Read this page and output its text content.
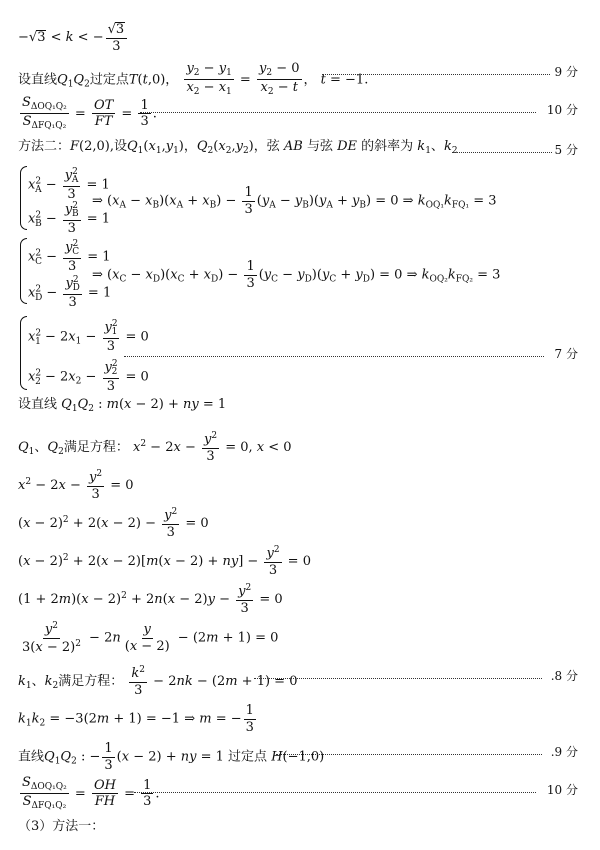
−√3 < k < − $\frac{√3}{3}$
设直线$Q_1Q_2$过定点T(t,0)， $\frac{y_2 - y_1}{x_2 - x_1} = \frac{y_2 - 0}{x_2 - t}$ ， t = −1.
9 分
$\frac{S_{\Delta OQ_1Q_2}}{S_{\Delta FQ_1Q_2}} = \frac{OT}{FT} = \frac{1}{3}$ .	10 分
方法二：F(2,0),设$Q_1(x_1,y_1)$，$Q_2(x_2,y_2)$，弦 AB 与弦 DE 的斜率为 $k_1$、$k_2$	5 分
$x^2_A - \frac{y^2_A}{3} = 1$
$x^2_B - \frac{y^2_B}{3} = 1$
⇒ $(x_A - x_B)(x_A + x_B) - \frac{1}{3} (y_A - y_B)(y_A + y_B) = 0$ ⇒ $k_{OQ_1}k_{FQ_1} = 3$
$x^2_C - \frac{y^2_C}{3} = 1$
$x^2_D - \frac{y^2_D}{3} = 1$
⇒ $(x_C - x_D)(x_C + x_D) - \frac{1}{3} (y_C - y_D)(y_C + y_D) = 0$ ⇒ $k_{OQ_2}k_{FQ_2} = 3$
$x^2_1 - 2x_1 - \frac{y^2_1}{3} = 0$
$x^2_2 - 2x_2 - \frac{y^2_2}{3} = 0$
7 分
设直线 $Q_1Q_2$ : m(x − 2) + ny = 1
$Q_1$、$Q_2$满足方程： $x^2 - 2x - \frac{y^2}{3} = 0$, x < 0
$x^2 - 2x - \frac{y^2}{3} = 0$
$(x - 2)^2 + 2(x - 2) - \frac{y^2}{3} = 0$
$(x - 2)^2 + 2(x - 2)[m(x - 2) + ny] - \frac{y^2}{3} = 0$
$(1 + 2m)(x - 2)^2 + 2n(x - 2)y - \frac{y^2}{3} = 0$
$\frac{y^2}{3(x - 2)^2} - 2n \frac{y}{(x - 2)} - (2m + 1) = 0$
$k_1$、$k_2$满足方程： $\frac{k^2}{3} - 2nk - (2m + 1) = 0$	.8 分
$k_1k_2 = -3(2m + 1) = -1$ ⇒ m = − $\frac{1}{3}$
直线$Q_1Q_2$ : − $\frac{1}{3} (x - 2)$ + ny = 1 过定点 H(−1,0)	.9 分
$\frac{S_{\Delta OQ_1Q_2}}{S_{\Delta FQ_1Q_2}} = \frac{OH}{FH} = \frac{1}{3}$ .	10 分
（3）方法一：
